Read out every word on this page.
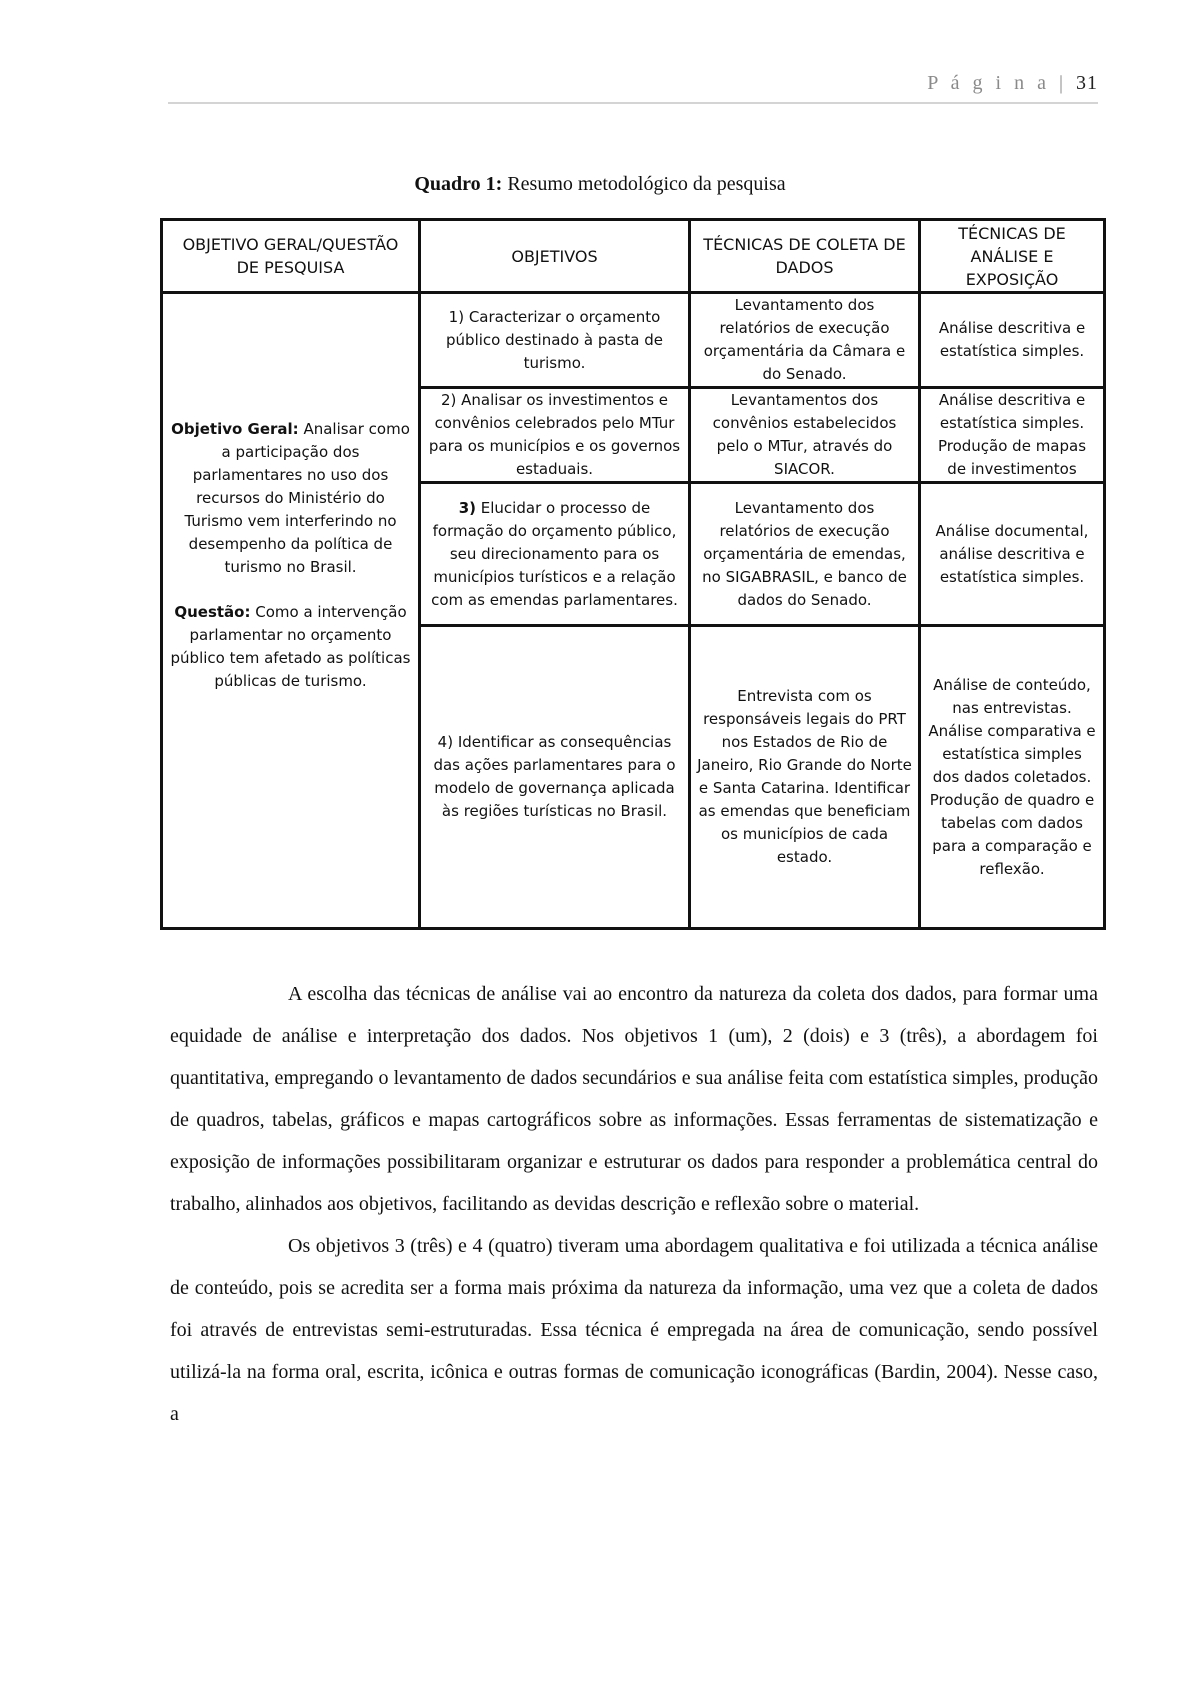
P á g i n a | 31
Quadro 1: Resumo metodológico da pesquisa
OBJETIVO GERAL/QUESTÃO DE PESQUISA	OBJETIVOS	TÉCNICAS DE COLETA DE DADOS	TÉCNICAS DE ANÁLISE E EXPOSIÇÃO

Objetivo Geral: Analisar como a participação dos parlamentares no uso dos recursos do Ministério do Turismo vem interferindo no desempenho da política de turismo no Brasil.
Questão: Como a intervenção parlamentar no orçamento público tem afetado as políticas públicas de turismo.	1) Caracterizar o orçamento público destinado à pasta de turismo.	Levantamento dos relatórios de execução orçamentária da Câmara e do Senado.	Análise descritiva e estatística simples.
	2) Analisar os investimentos e convênios celebrados pelo MTur para os municípios e os governos estaduais.	Levantamentos dos convênios estabelecidos pelo o MTur, através do SIACOR.	Análise descritiva e estatística simples. Produção de mapas de investimentos
	3) Elucidar o processo de formação do orçamento público, seu direcionamento para os municípios turísticos e a relação com as emendas parlamentares.	Levantamento dos relatórios de execução orçamentária de emendas, no SIGABRASIL, e banco de dados do Senado.	Análise documental, análise descritiva e estatística simples.
	4) Identificar as consequências das ações parlamentares para o modelo de governança aplicada às regiões turísticas no Brasil.	Entrevista com os responsáveis legais do PRT nos Estados de Rio de Janeiro, Rio Grande do Norte e Santa Catarina. Identificar as emendas que beneficiam os municípios de cada estado.	Análise de conteúdo, nas entrevistas. Análise comparativa e estatística simples dos dados coletados. Produção de quadro e tabelas com dados para a comparação e reflexão.

A escolha das técnicas de análise vai ao encontro da natureza da coleta dos dados, para formar uma equidade de análise e interpretação dos dados. Nos objetivos 1 (um), 2 (dois) e 3 (três), a abordagem foi quantitativa, empregando o levantamento de dados secundários e sua análise feita com estatística simples, produção de quadros, tabelas, gráficos e mapas cartográficos sobre as informações. Essas ferramentas de sistematização e exposição de informações possibilitaram organizar e estruturar os dados para responder a problemática central do trabalho, alinhados aos objetivos, facilitando as devidas descrição e reflexão sobre o material.

Os objetivos 3 (três) e 4 (quatro) tiveram uma abordagem qualitativa e foi utilizada a técnica análise de conteúdo, pois se acredita ser a forma mais próxima da natureza da informação, uma vez que a coleta de dados foi através de entrevistas semi-estruturadas. Essa técnica é empregada na área de comunicação, sendo possível utilizá-la na forma oral, escrita, icônica e outras formas de comunicação iconográficas (Bardin, 2004). Nesse caso, a
